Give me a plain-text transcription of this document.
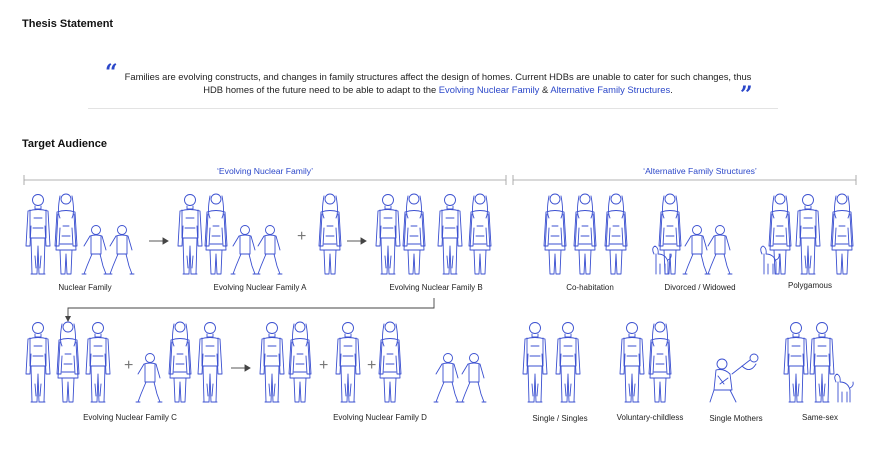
Thesis Statement
“ Families are evolving constructs, and changes in family structures affect the design of homes. Current HDBs are unable to cater for such changes, thus HDB homes of the future need to be able to adapt to the Evolving Nuclear Family & Alternative Family Structures.	”
Target Audience
‘Evolving Nuclear Family’	‘Alternative Family Structures’
+
+	+ +
Nuclear Family	Evolving Nuclear Family A	Evolving Nuclear Family B	Co-habitation	Divorced / Widowed	Polygamous
Evolving Nuclear Family C	Evolving Nuclear Family D	Single / Singles	Voluntary-childless	Single Mothers	Same-sex
